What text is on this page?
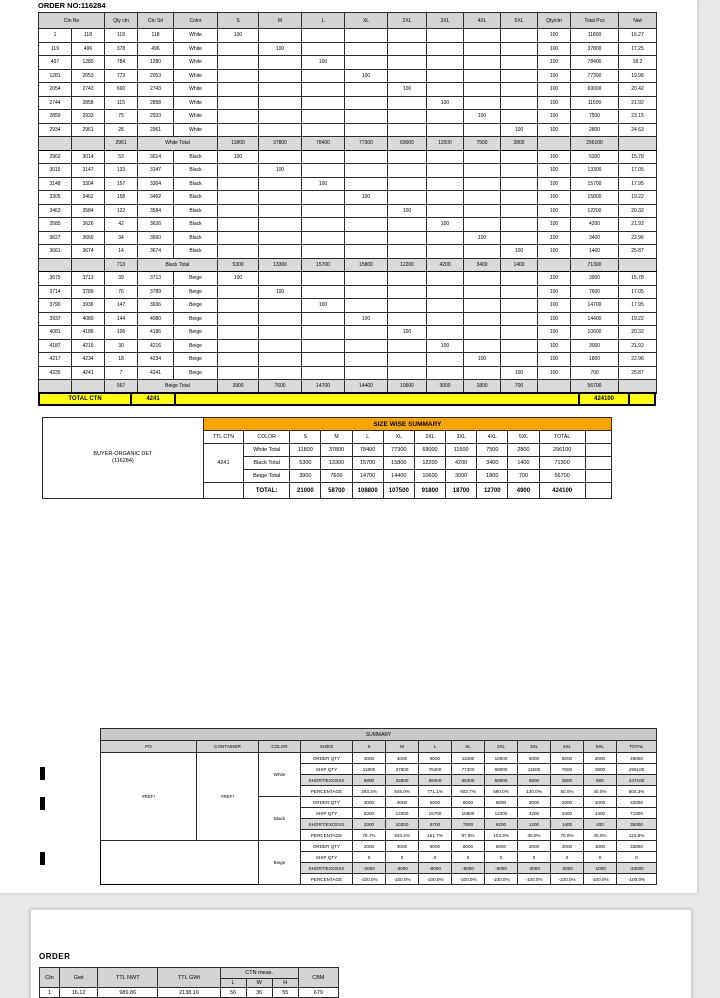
ORDER NO:116284
Ctn No		Qty ctn	Ctn Srl	Color	S	M	L	XL	2XL	3XL	4XL	5XL	Qty/ctn	Total Pcs	Nwt
1	118	118	118	White	100								100	11800	16.27
119	496	378	496	White		100							100	37800	17.25
497	1280	784	1280	White			100						100	78400	18.2
1281	2053	773	2053	White				100					100	77300	19.98
2054	2743	690	2743	White					100				100	69000	20.42
2744	2858	115	2858	White						100			100	11500	21.92
2859	2933	75	2933	White							100		100	7500	23.15
2934	2961	28	2961	White								100	100	2800	24.63
		2961	White Total		11800	37800	78400	77300	69000	11500	7500	2800		296100	
2962	3014	53	3014	Black	100								100	5300	15.78
3015	3147	133	3147	Black		100							100	13300	17.05
3148	3304	157	3304	Black			100						100	15700	17.95
3305	3462	158	3462	Black				100					100	15800	19.22
3463	3584	122	3584	Black					100				100	12200	20.32
3585	3626	42	3626	Black						100			100	4200	21.92
3627	3660	34	3660	Black							100		100	3400	22.96
3661	3674	14	3674	Black								100	100	1400	25.87
		713	Black Total		5300	13300	15700	15800	12200	4200	3400	1400		71300	
3675	3713	39	3713	Beige	100								100	3900	15.78
3714	3789	76	3789	Beige		100							100	7600	17.05
3790	3936	147	3936	Beige			100						100	14700	17.95
3937	4080	144	4080	Beige				100					100	14400	19.22
4081	4186	106	4186	Beige					100				100	10600	20.32
4187	4216	30	4216	Beige						100			100	3000	21.92
4217	4234	18	4234	Beige							100		100	1800	22.96
4235	4241	7	4241	Beige								100	100	700	25.87
		567	Beige Total		3900	7600	14700	14400	10600	3000	1800	700		56700	
TOTAL CTN	4241	424100
BUYER-ORGANIC DET
(116284)	SIZE WISE SUMMARY											
	TTL CTN	COLOR	S	M	L	XL	2XL	3XL	4XL	5XL	TOTAL	
	4241	White Total	11800	37800	78400	77300	69000	11500	7500	2800	296100	
		Black Total	5300	13300	15700	15800	12200	4200	3400	1400	71300	
		Beige Total	3900	7600	14700	14400	10600	3000	1800	700	56700	
		TOTAL:	21000	58700	108800	107500	91800	18700	12700	4900	424100	
SUMMARY												
PO	CONTAINER	COLOR	SIZES	S	M	L	XL	2XL	3XL	4XL	5XL	TOTAL
#REF!	#REF!	White	ORDER QTY	3000	4000	9000	11000	10000	5000	5000	2000	49000
			SHIP QTY	11800	37800	78400	77300	69000	11500	7500	2800	296100
			SHORT/EXCESS	8800	33800	69400	66300	59000	6500	2500	800	247100
			PERCENTAGE	293.3%	845.0%	771.1%	602.7%	590.0%	130.0%	50.0%	40.0%	504.3%
		Black	ORDER QTY	3000	3000	6000	8000	6000	3000	2000	1000	32000
			SHIP QTY	5300	13300	15700	15800	12200	4200	3400	1400	71300
			SHORT/EXCESS	2300	10300	9700	7800	6200	1200	1400	400	39300
			PERCENTAGE	76.7%	343.3%	161.7%	97.5%	103.3%	40.0%	70.0%	40.0%	122.8%
		Beige	ORDER QTY	2000	3000	8000	8000	6000	3000	2000	1000	33000
			SHIP QTY	0	0	0	0	0	0	0	0	0
			SHORT/EXCESS	-2000	-3000	-8000	-8000	-6000	-3000	-2000	-1000	-33000
			PERCENTAGE	-100.0%	-100.0%	-100.0%	-100.0%	-100.0%	-100.0%	-100.0%	-100.0%	-100.0%
ORDER
Ctn	Gwt	TTL NWT	TTL GWt	CTN meas.			CBM
				L	W	H	
1	16.12	989.86	2138.16	56	36	55	679
